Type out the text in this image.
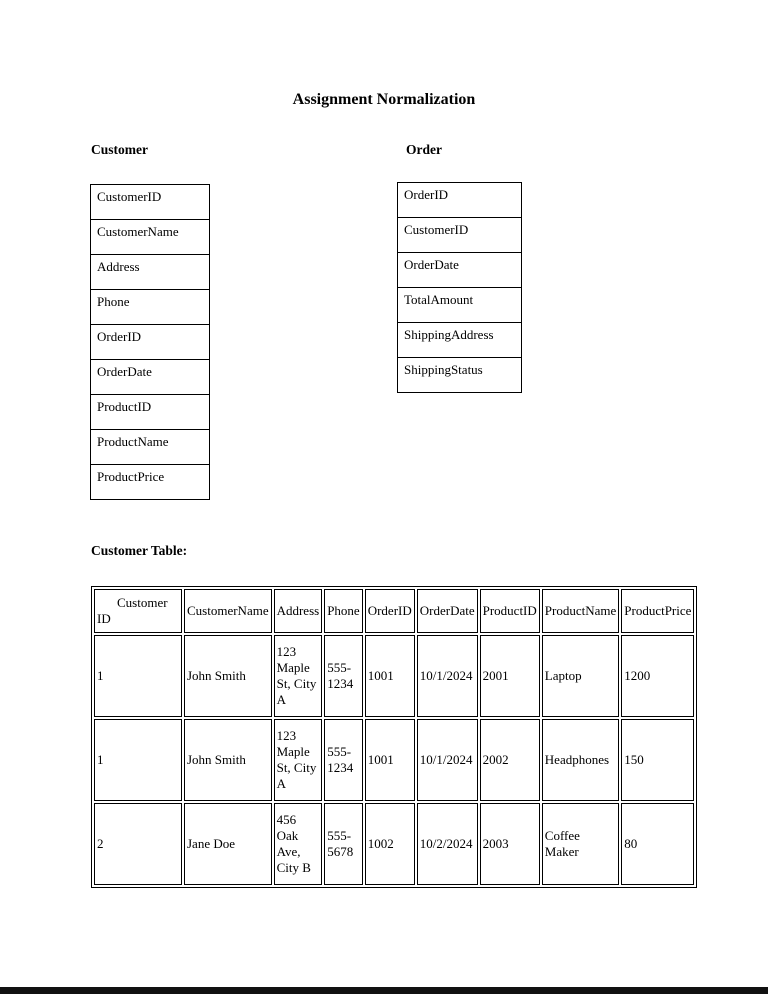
Assignment Normalization
Customer	Order
CustomerID
CustomerName
Address
Phone
OrderID
OrderDate
ProductID
ProductName
ProductPrice
OrderID
CustomerID
OrderDate
TotalAmount
ShippingAddress
ShippingStatus
Customer Table:
Customer ID	CustomerName	Address	Phone	OrderID	OrderDate	ProductID	ProductName	ProductPrice
1	John Smith	123 Maple St, City A	555-1234	1001	10/1/2024	2001	Laptop	1200
1	John Smith	123 Maple St, City A	555-1234	1001	10/1/2024	2002	Headphones	150
2	Jane Doe	456 Oak Ave, City B	555-5678	1002	10/2/2024	2003	Coffee Maker	80
